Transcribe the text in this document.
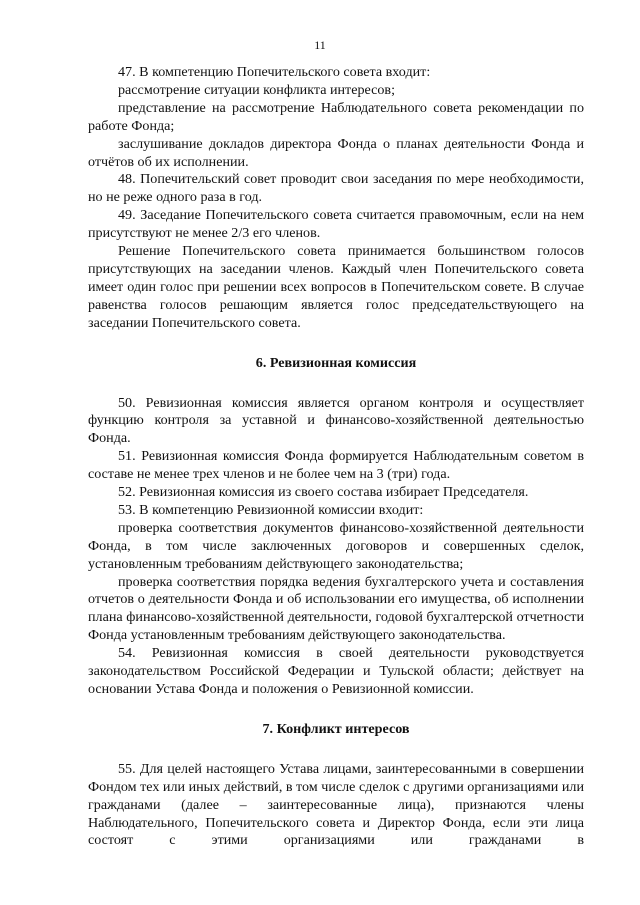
11

47. В компетенцию Попечительского совета входит:

рассмотрение ситуации конфликта интересов;

представление на рассмотрение Наблюдательного совета рекомендации по работе Фонда;

заслушивание докладов директора Фонда о планах деятельности Фонда и отчётов об их исполнении.

48. Попечительский совет проводит свои заседания по мере необходимости, но не реже одного раза в год.

49. Заседание Попечительского совета считается правомочным, если на нем присутствуют не менее 2/3 его членов.

Решение Попечительского совета принимается большинством голосов присутствующих на заседании членов. Каждый член Попечительского совета имеет один голос при решении всех вопросов в Попечительском совете. В случае равенства голосов решающим является голос председательствующего на заседании Попечительского совета.

6. Ревизионная комиссия

50. Ревизионная комиссия является органом контроля и осуществляет функцию контроля за уставной и финансово-хозяйственной деятельностью Фонда.

51. Ревизионная комиссия Фонда формируется Наблюдательным советом в составе не менее трех членов и не более чем на 3 (три) года.

52. Ревизионная комиссия из своего состава избирает Председателя.

53. В компетенцию Ревизионной комиссии входит:

проверка соответствия документов финансово-хозяйственной деятельности Фонда, в том числе заключенных договоров и совершенных сделок, установленным требованиям действующего законодательства;

проверка соответствия порядка ведения бухгалтерского учета и составления отчетов о деятельности Фонда и об использовании его имущества, об исполнении плана финансово-хозяйственной деятельности, годовой бухгалтерской отчетности Фонда установленным требованиям действующего законодательства.

54. Ревизионная комиссия в своей деятельности руководствуется законодательством Российской Федерации и Тульской области; действует на основании Устава Фонда и положения о Ревизионной комиссии.

7. Конфликт интересов

55. Для целей настоящего Устава лицами, заинтересованными в совершении Фондом тех или иных действий, в том числе сделок с другими организациями или гражданами (далее – заинтересованные лица), признаются члены Наблюдательного, Попечительского совета и Директор Фонда, если эти лица состоят с этими организациями или гражданами в
